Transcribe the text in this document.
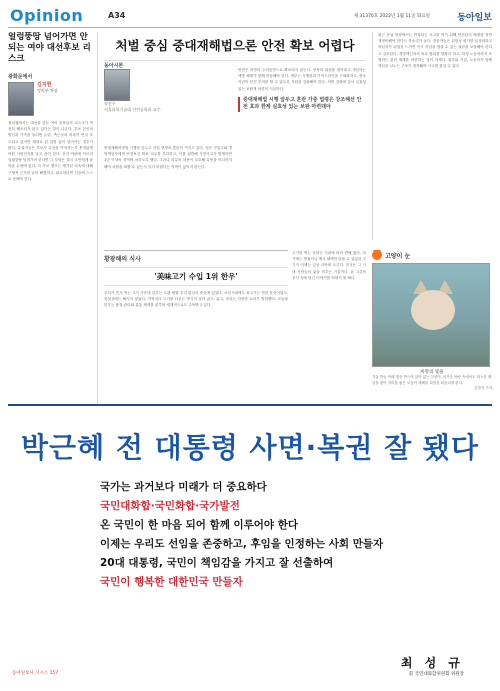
Opinion	A34	제 31376호 2022년 1월 11일 화요일	동아일보
얼렁뚱땅 넘어가면 안 되는 여야 대선후보 리스크
광화문에서
김지현
정치부 차장
정치권에서는 대선을 앞둔 여야 후보들의 리스크가 여전히 해소되지 않고 있다는 말이 나온다. 후보 본인의 발언과 가족을 둘러싼 논란, 측근들의 의혹이 연일 보도되고 있지만 제대로 된 설명 없이 넘어가는 경우가 많다. 유권자들은 후보가 무엇을 약속하는지 못지않게 어떤 사람인지를 알고 싶어 한다. 선거 막판에 이르러 얼렁뚱땅 넘어가려 한다면 그 부담은 결국 국민에게 돌아올 수밖에 없다. 각 후보 캠프는 제기된 의혹에 대해 구체적 근거를 들어 해명하고, 필요하다면 검증에 스스로 응해야 한다.
처벌 중심 중대재해법으론 안전 확보 어렵다
중대재해처벌법 시행을 앞두고 산업 현장의 혼란이 커지고 있다. 법은 사업주와 경영책임자에게 안전보건 확보 의무를 부과하고, 이를 위반해 사망사고가 발생하면 1년 이상의 징역에 처하도록 했다. 그러나 의무의 내용이 모호해 무엇을 어디까지 해야 처벌을 피할 수 있는지 알기 어렵다는 지적이 끊이지 않는다.
안전은 처벌의 두려움만으로 확보되지 않는다. 현장의 위험을 찾아내고 개선하는 예방 체계가 함께 작동해야 한다. 정부는 시행령과 가이드라인을 구체화하고, 중소기업이 안전 투자를 할 수 있도록 지원을 강화해야 한다. 처벌 강화에 앞서 실효성 있는 보완책 마련이 시급하다.
중대재해법 시행 앞두고 혼란 가중 법령은 강조해선 안전 효과 한계 실효성 있는 보완 마련돼야
동아시론
정진우
서울과학기술대 안전공학과 교수
최근 산업 현장에서는 반복되는 사고를 막기 위해 안전관리 체계를 전면 재정비해야 한다는 목소리가 높다. 전문가들은 위험성 평가를 일상화하고 작업자가 위험을 느끼면 즉시 작업을 멈출 수 있는 권한을 보장해야 한다고 강조한다. 경영책임자의 의무 범위를 명확히 하고, 하청 노동자까지 포괄하는 관리 체계를 마련하는 것이 과제다. 정부와 기업, 노동자가 함께 책임을 나누는 구조가 정착돼야 사고를 줄일 수 있다.
황광해의 식사
'美味고기 수입 1위 한우'
우리가 즐겨 먹는 고기 가운데 한우는 오랜 세월 우리 밥상의 중심에 있었다. 조선시대에도 쇠고기는 귀한 음식이었고, 잔칫상에는 빠지지 않았다. 지역마다 고기를 다루는 방식이 달라 굽고, 삶고, 조리는 다양한 요리가 발달했다. 오늘날 한우는 품질 관리와 유통 체계를 갖추며 세계적으로도 주목받고 있다.
고기를 먹는 문화는 시대에 따라 변해 왔다. 과거에는 명절이나 제사 때에만 맛볼 수 있었던 고기가 이제는 일상 식탁에 오른다. 음식은 그 시대 사람들의 삶을 비추는 거울이다. 한 그릇의 음식 속에 담긴 이야기를 되새겨 볼 때다.
고양이 눈
희망의 빛줄
겨울 하늘 아래 빛을 받으며 앉아 있는 고양이. 차가운 바람 속에서도 따스한 햇살을 찾아 자리를 잡은 모습이 새해의 희망을 떠올리게 한다.
김정자 기자
박근혜 전 대통령 사면·복권 잘 됐다
국가는 과거보다 미래가 더 중요하다
국민대화합·국민화합·국가발전
온 국민이 한 마음 되어 함께 이루어야 한다
이제는 우리도 선임을 존중하고, 후임을 인정하는 사회 만들자
20대 대통령, 국민이 책임감을 가지고 잘 선출하여
국민이 행복한 대한민국 만들자
최 성 규
前 국민대화합위원회 위원장
동아일보사 시시스 157
